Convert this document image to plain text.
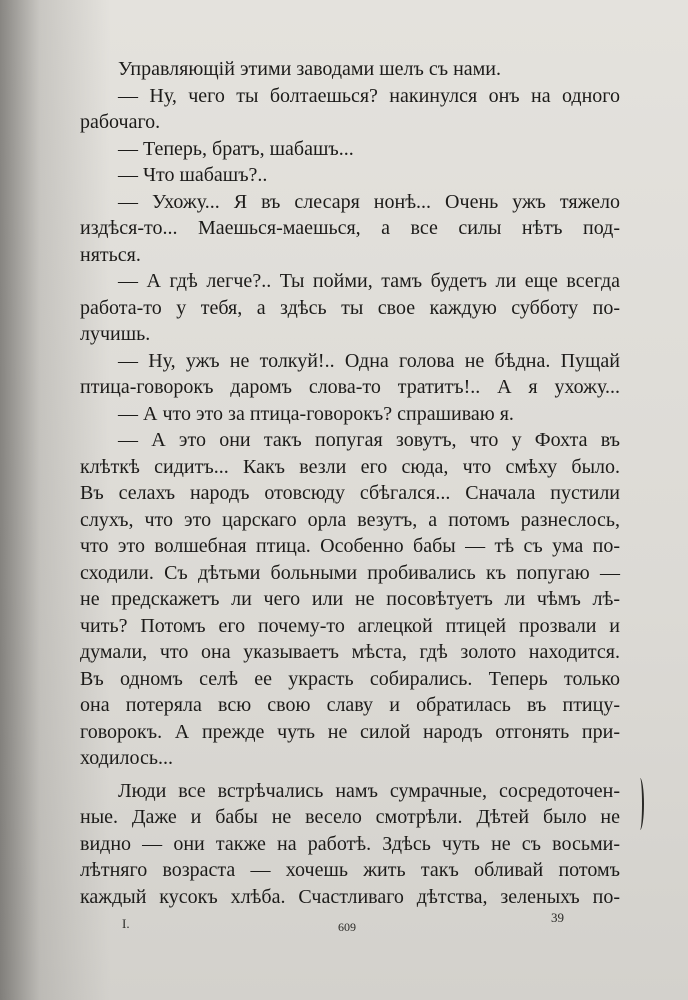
Управляющій этими заводами шелъ съ нами.
— Ну, чего ты болтаешься? накинулся онъ на одного
рабочаго.
— Теперь, братъ, шабашъ...
— Что шабашъ?..
— Ухожу... Я въ слесаря нонѣ... Очень ужъ тяжело
издѣся-то... Маешься-маешься, а все силы нѣтъ под-
няться.
— А гдѣ легче?.. Ты пойми, тамъ будетъ ли еще всегда
работа-то у тебя, а здѣсь ты свое каждую субботу по-
лучишь.
— Ну, ужъ не толкуй!.. Одна голова не бѣдна. Пущай
птица-говорокъ даромъ слова-то тратитъ!.. А я ухожу...
— А что это за птица-говорокъ? спрашиваю я.
— А это они такъ попугая зовутъ, что у Фохта въ
клѣткѣ сидитъ... Какъ везли его сюда, что смѣху было.
Въ селахъ народъ отовсюду сбѣгался... Сначала пустили
слухъ, что это царскаго орла везутъ, а потомъ разнеслось,
что это волшебная птица. Особенно бабы — тѣ съ ума по-
сходили. Съ дѣтьми больными пробивались къ попугаю —
не предскажетъ ли чего или не посовѣтуетъ ли чѣмъ лѣ-
чить? Потомъ его почему-то аглецкой птицей прозвали и
думали, что она указываетъ мѣста, гдѣ золото находится.
Въ одномъ селѣ ее украсть собирались. Теперь только
она потеряла всю свою славу и обратилась въ птицу-
говорокъ. А прежде чуть не силой народъ отгонять при-
ходилось...
Люди все встрѣчались намъ сумрачные, сосредоточен-
ные. Даже и бабы не весело смотрѣли. Дѣтей было не
видно — они также на работѣ. Здѣсь чуть не съ восьми-
лѣтняго возраста — хочешь жить такъ обливай потомъ
каждый кусокъ хлѣба. Счастливаго дѣтства, зеленыхъ по-
I.	609
39
